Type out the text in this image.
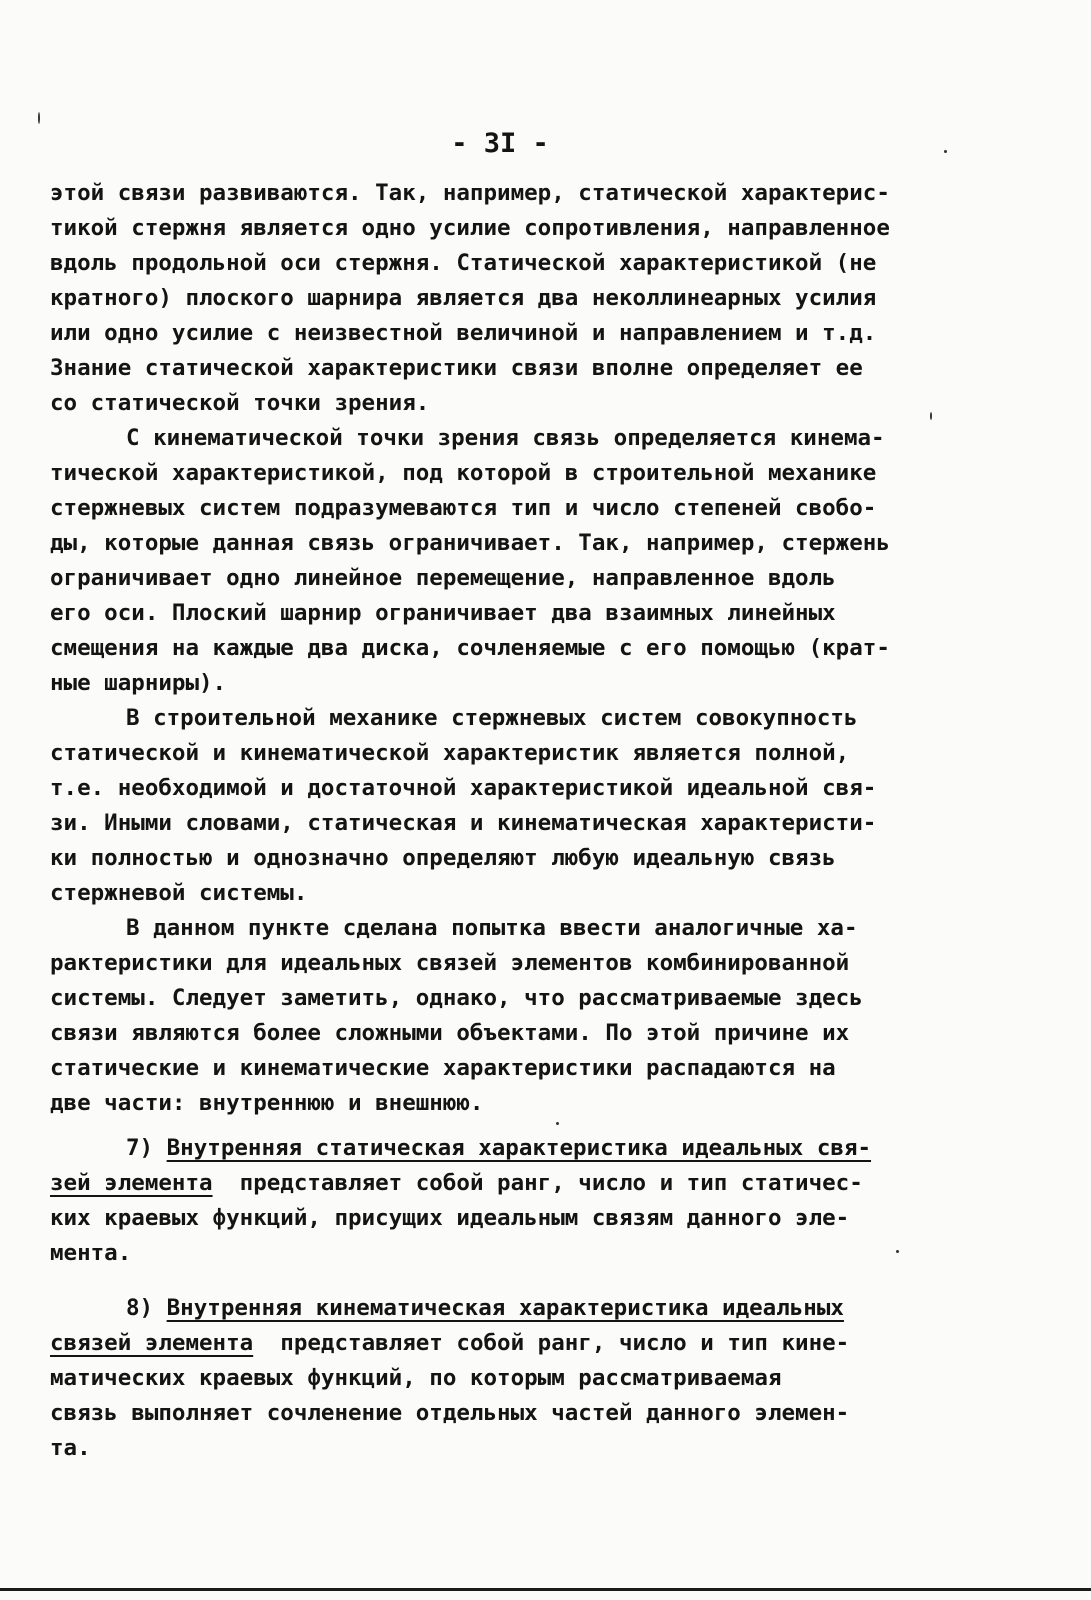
- 3I -
этой связи развиваются. Так, например, статической характерис-
тикой стержня является одно усилие сопротивления, направленное
вдоль продольной оси стержня. Статической характеристикой (не
кратного) плоского шарнира является два неколлинеарных усилия
или одно усилие с неизвестной величиной и направлением и т.д.
Знание статической характеристики связи вполне определяет ее
со статической точки зрения.
С кинематической точки зрения связь определяется кинема-
тической характеристикой, под которой в строительной механике
стержневых систем подразумеваются тип и число степеней свобо-
ды, которые данная связь ограничивает. Так, например, стержень
ограничивает одно линейное перемещение, направленное вдоль
его оси. Плоский шарнир ограничивает два взаимных линейных
смещения на каждые два диска, сочленяемые с его помощью (крат-
ные шарниры).
В строительной механике стержневых систем совокупность
статической и кинематической характеристик является полной,
т.е. необходимой и достаточной характеристикой идеальной свя-
зи. Иными словами, статическая и кинематическая характеристи-
ки полностью и однозначно определяют любую идеальную связь
стержневой системы.
В данном пункте сделана попытка ввести аналогичные ха-
рактеристики для идеальных связей элементов комбинированной
системы. Следует заметить, однако, что рассматриваемые здесь
связи являются более сложными объектами. По этой причине их
статические и кинематические характеристики распадаются на
две части: внутреннюю и внешнюю.
7) Внутренняя статическая характеристика идеальных свя-
зей элемента  представляет собой ранг, число и тип статичес-
ких краевых функций, присущих идеальным связям данного эле-
мента.
8) Внутренняя кинематическая характеристика идеальных
связей элемента  представляет собой ранг, число и тип кине-
матических краевых функций, по которым рассматриваемая
связь выполняет сочленение отдельных частей данного элемен-
та.
